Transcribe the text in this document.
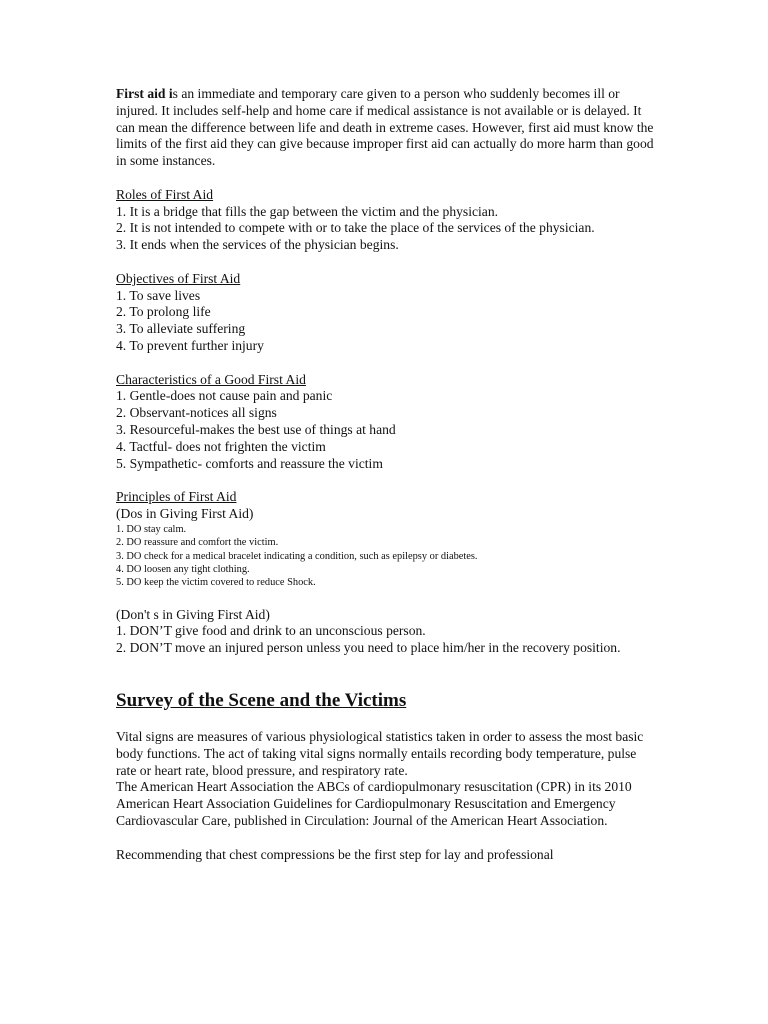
First aid is an immediate and temporary care given to a person who suddenly becomes ill or injured. It includes self-help and home care if medical assistance is not available or is delayed. It can mean the difference between life and death in extreme cases. However, first aid must know the limits of the first aid they can give because improper first aid can actually do more harm than good in some instances.

Roles of First Aid
1. It is a bridge that fills the gap between the victim and the physician.
2. It is not intended to compete with or to take the place of the services of the physician.
3. It ends when the services of the physician begins.
Objectives of First Aid
1. To save lives
2. To prolong life
3. To alleviate suffering
4. To prevent further injury
Characteristics of a Good First Aid
1. Gentle-does not cause pain and panic
2. Observant-notices all signs
3. Resourceful-makes the best use of things at hand
4. Tactful- does not frighten the victim
5. Sympathetic- comforts and reassure the victim
Principles of First Aid
(Dos in Giving First Aid)
1. DO stay calm.
2. DO reassure and comfort the victim.
3. DO check for a medical bracelet indicating a condition, such as epilepsy or diabetes.
4. DO loosen any tight clothing.
5. DO keep the victim covered to reduce Shock.
(Don't s in Giving First Aid)
1. DON’T give food and drink to an unconscious person.
2. DON’T move an injured person unless you need to place him/her in the recovery position.
Survey of the Scene and the Victims

Vital signs are measures of various physiological statistics taken in order to assess the most basic body functions. The act of taking vital signs normally entails recording body temperature, pulse rate or heart rate, blood pressure, and respiratory rate.

The American Heart Association the ABCs of cardiopulmonary resuscitation (CPR) in its 2010 American Heart Association Guidelines for Cardiopulmonary Resuscitation and Emergency Cardiovascular Care, published in Circulation: Journal of the American Heart Association.

Recommending that chest compressions be the first step for lay and professional
